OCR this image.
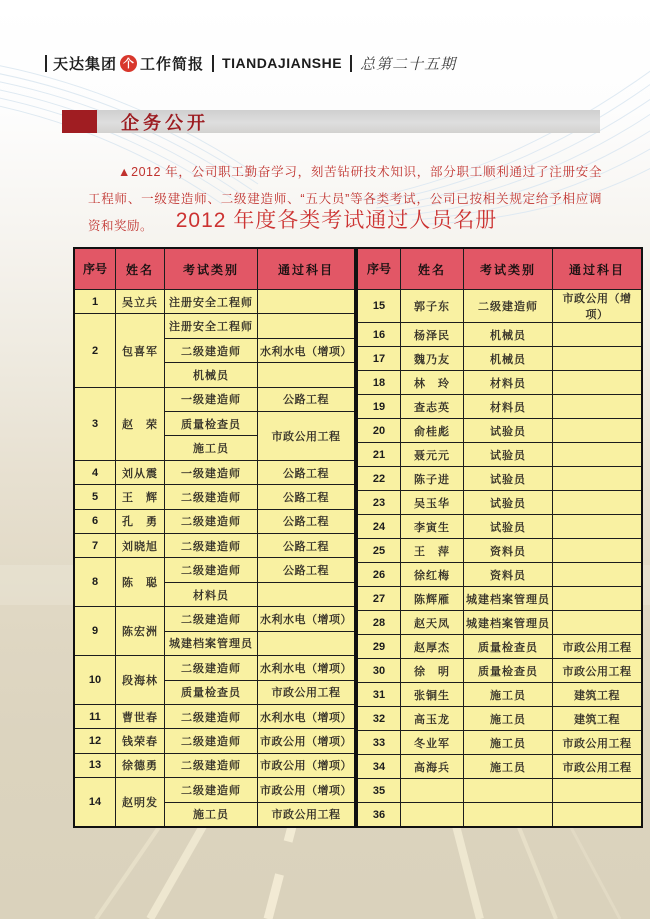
天达集团 个 工作简报 TIANDAJIANSHE 总第二十五期
企务公开

▲2012 年，公司职工勤奋学习，刻苦钻研技术知识，部分职工顺利通过了注册安全工程师、一级建造师、二级建造师、“五大员”等各类考试，公司已按相关规定给予相应调资和奖励。	2012 年度各类考试通过人员名册
序号	姓名	考试类别	通过科目
1	吴立兵	注册安全工程师	
2	包喜军	注册安全工程师	
		二级建造师	水利水电（增项）
		机械员	
3	赵　荣	一级建造师	公路工程
		质量检查员	市政公用工程
		施工员	
4	刘从震	一级建造师	公路工程
5	王　辉	二级建造师	公路工程
6	孔　勇	二级建造师	公路工程
7	刘晓旭	二级建造师	公路工程
8	陈　聪	二级建造师	公路工程
		材料员	
9	陈宏洲	二级建造师	水利水电（增项）
		城建档案管理员	
10	段海林	二级建造师	水利水电（增项）
		质量检查员	市政公用工程
11	曹世春	二级建造师	水利水电（增项）
12	钱荣春	二级建造师	市政公用（增项）
13	徐德勇	二级建造师	市政公用（增项）
14	赵明发	二级建造师	市政公用（增项）
		施工员	市政公用工程
序号	姓名	考试类别	通过科目
15	郭子东	二级建造师	市政公用（增项）
16	杨泽民	机械员	
17	魏乃友	机械员	
18	林　玲	材料员	
19	查志英	材料员	
20	俞桂彪	试验员	
21	聂元元	试验员	
22	陈子进	试验员	
23	吴玉华	试验员	
24	李寅生	试验员	
25	王　萍	资料员	
26	徐红梅	资料员	
27	陈辉雁	城建档案管理员	
28	赵天凤	城建档案管理员	
29	赵厚杰	质量检查员	市政公用工程
30	徐　明	质量检查员	市政公用工程
31	张铜生	施工员	建筑工程
32	高玉龙	施工员	建筑工程
33	冬业军	施工员	市政公用工程
34	高海兵	施工员	市政公用工程
35			
36			
